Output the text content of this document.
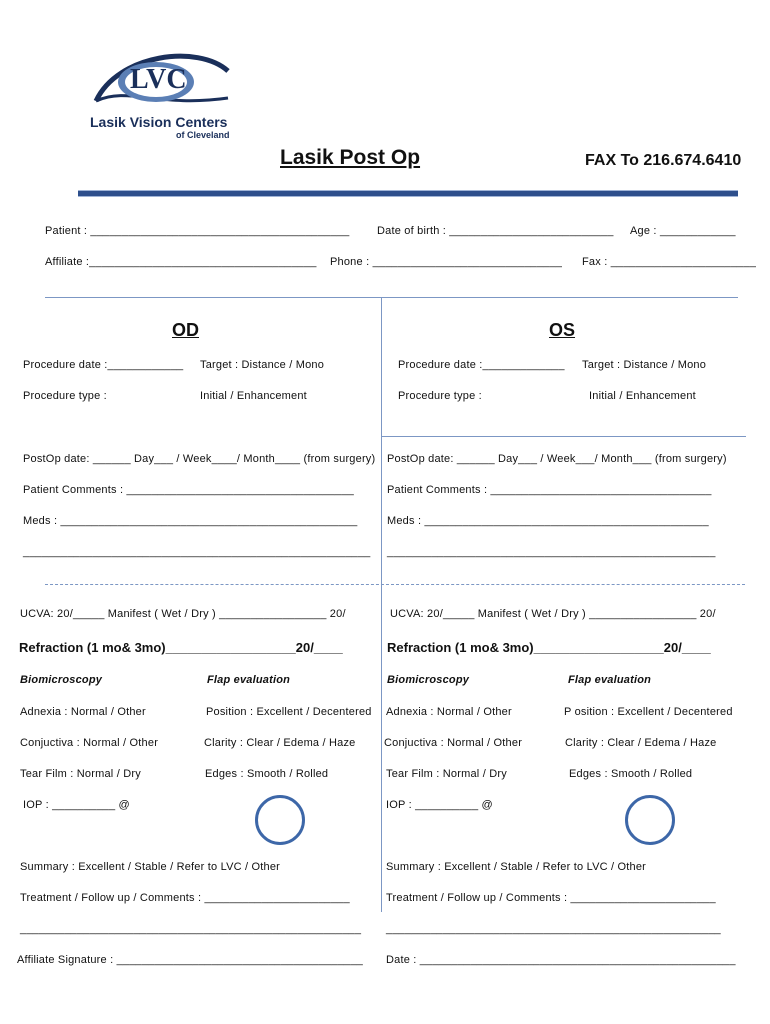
LVC
Lasik Vision Centers
of Cleveland
Lasik Post Op	FAX To 216.674.6410
Patient : _________________________________________	Date of birth : __________________________ Age : ____________
Affiliate :____________________________________ Phone : ______________________________ Fax : _______________________
OD
Procedure date :____________ Target : Distance / Mono
Procedure type :	Initial / Enhancement
OS
Procedure date :_____________ Target : Distance / Mono
Procedure type :	Initial / Enhancement
PostOp date: ______ Day___ / Week____/ Month____ (from surgery) PostOp date: ______ Day___ / Week___/ Month___ (from surgery)
Patient Comments : ____________________________________	Patient Comments : ___________________________________
Meds : _______________________________________________	Meds : _____________________________________________
_______________________________________________________ ____________________________________________________
UCVA: 20/_____ Manifest ( Wet / Dry ) _________________ 20/	UCVA: 20/_____ Manifest ( Wet / Dry ) _________________ 20/
Refraction (1 mo& 3mo)__________________20/____	Refraction (1 mo& 3mo)__________________20/____
Biomicroscopy	Flap evaluation	Biomicroscopy	Flap evaluation
Adnexia : Normal / Other	Position : Excellent / Decentered Adnexia : Normal / Other	P osition : Excellent / Decentered
Conjuctiva : Normal / Other	Clarity : Clear / Edema / Haze	Conjuctiva : Normal / Other	Clarity : Clear / Edema / Haze
Tear Film : Normal / Dry	Edges : Smooth / Rolled	Tear Film : Normal / Dry	Edges : Smooth / Rolled
IOP : __________ @	IOP : __________ @
Summary : Excellent / Stable / Refer to LVC / Other	Summary : Excellent / Stable / Refer to LVC / Other
Treatment / Follow up / Comments : _______________________	Treatment / Follow up / Comments : _______________________
______________________________________________________ _____________________________________________________
Affiliate Signature : _______________________________________ Date : __________________________________________________
